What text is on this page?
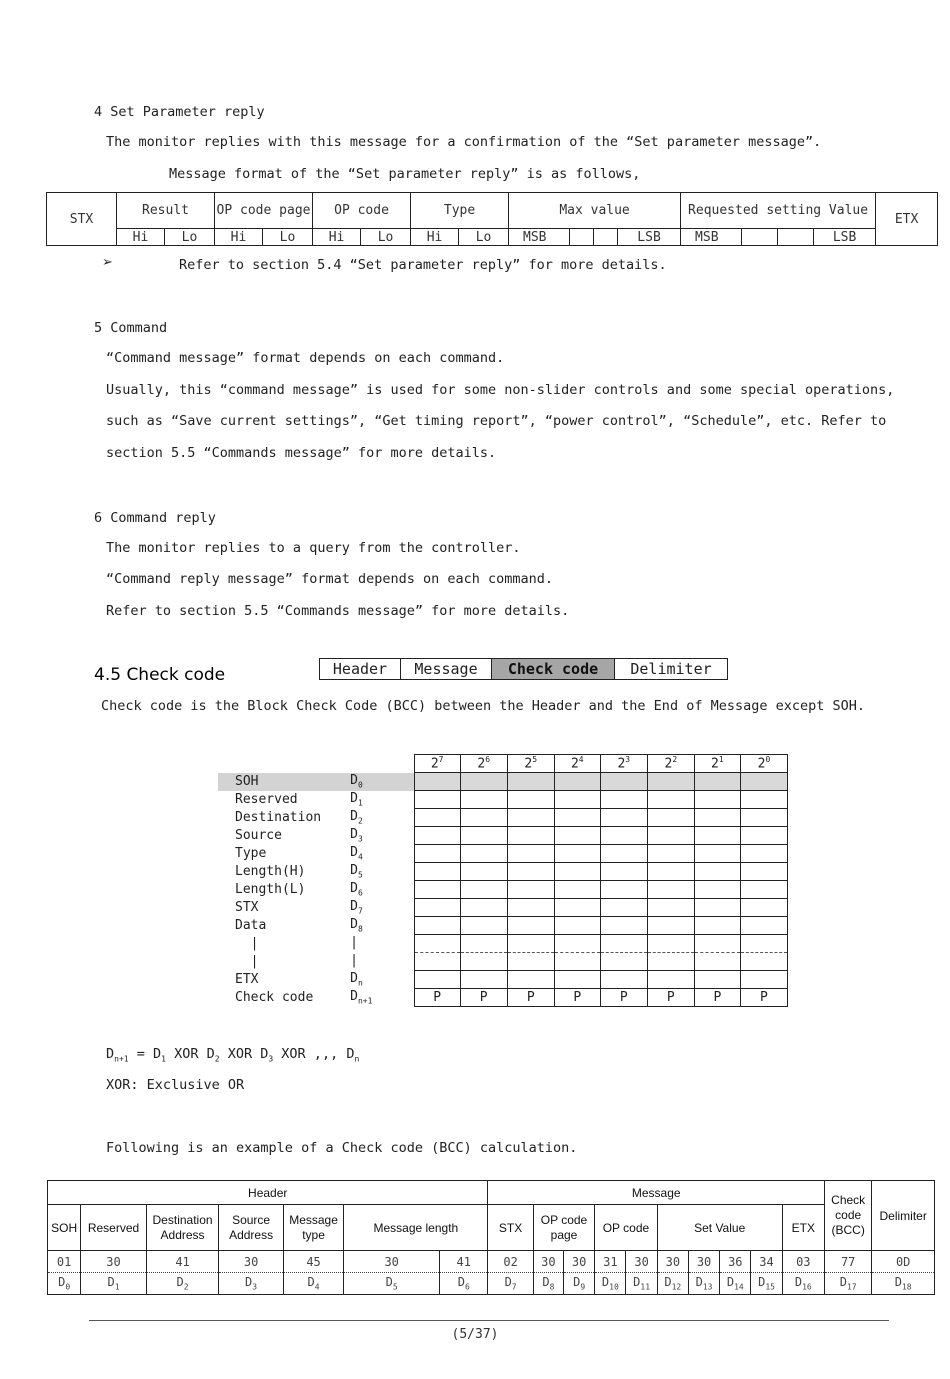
4 Set Parameter reply
The monitor replies with this message for a confirmation of the “Set parameter message”.
Message format of the “Set parameter reply” is as follows,
STX	Result		OP code page		OP code		Type		Max value				Requested setting Value				ETX
	Hi	Lo	Hi	Lo	Hi	Lo	Hi	Lo	MSB			LSB	MSB			LSB	
➢	Refer to section 5.4 “Set parameter reply” for more details.
5 Command
“Command message” format depends on each command.
Usually, this “command message” is used for some non-slider controls and some special operations,
such as “Save current settings”, “Get timing report”, “power control”, “Schedule”, etc. Refer to
section 5.5 “Commands message” for more details.
6 Command reply
The monitor replies to a query from the controller.
“Command reply message” format depends on each command.
Refer to section 5.5 “Commands message” for more details.
4.5 Check code	Header	Message	Check code	Delimiter
Check code is the Block Check Code (BCC) between the Header and the End of Message except SOH.
		$2^7$	$2^6$	$2^5$	$2^4$	$2^3$	$2^2$	$2^1$	$2^0$
SOH	$D_0$								
Reserved	$D_1$								
Destination	$D_2$								
Source	$D_3$								
Type	$D_4$								
Length(H)	$D_5$								
Length(L)	$D_6$								
STX	$D_7$								
Data	$D_8$								
|	|								
|	|								
ETX	$D_n$								
Check code	$D_{n+1}$	P	P	P	P	P	P	P	P
$D_{n+1} = D_1$ XOR $D_2$ XOR $D_3$ XOR ,,, $D_n$
XOR: Exclusive OR
Following is an example of a Check code (BCC) calculation.
Header							Message										Check code (BCC)	Delimiter
SOH	Reserved	Destination Address	Source Address	Message type	Message length		STX	OP code page		OP code		Set Value				ETX		
01	30	41	30	45	30	41	02	30	30	31	30	30	30	36	34	03	77	0D
$D_0$	$D_1$	$D_2$	$D_3$	$D_4$	$D_5$	$D_6$	$D_7$	$D_8$	$D_9$	$D_{10}$	$D_{11}$	$D_{12}$	$D_{13}$	$D_{14}$	$D_{15}$	$D_{16}$	$D_{17}$	$D_{18}$
(5/37)
